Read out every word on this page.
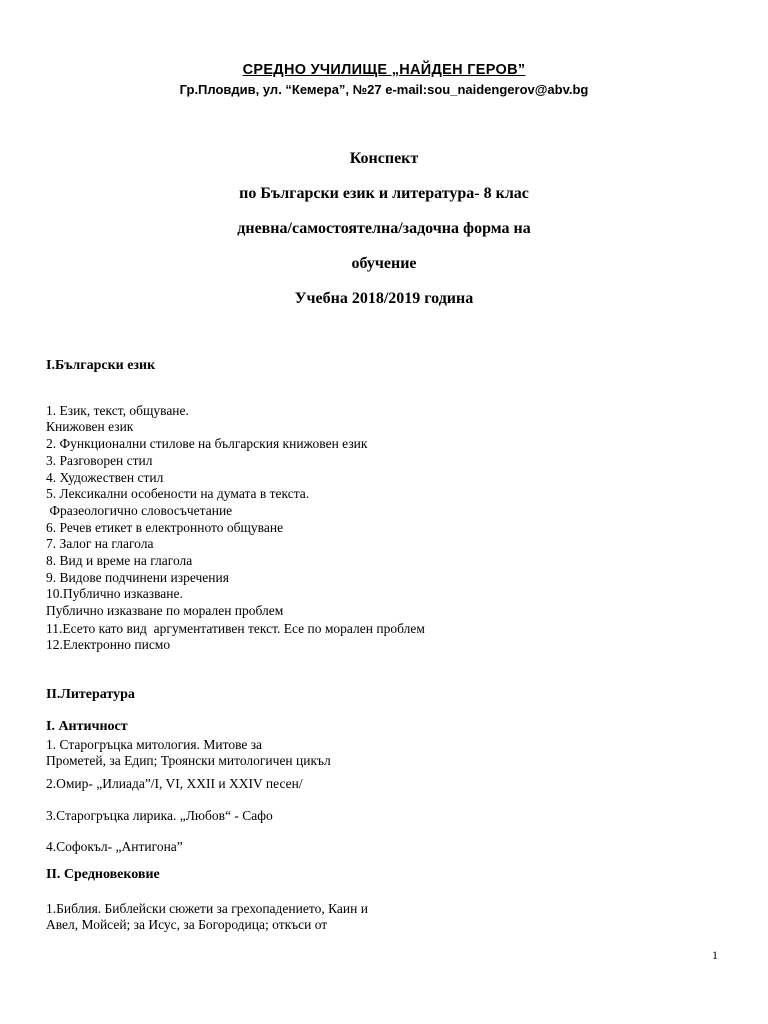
СРЕДНО УЧИЛИЩЕ „НАЙДЕН ГЕРОВ”
Гр.Пловдив, ул. “Кемера”, №27 e-mail:sou_naidengerov@abv.bg
Конспект
по Български език и литература- 8 клас
дневна/самостоятелна/задочна форма на
обучение
Учебна 2018/2019 година
I.Български език
1. Език, текст, общуване.
Книжовен език
2. Функционални стилове на българския книжовен език
3. Разговорен стил
4. Художествен стил
5. Лексикални особености на думата в текста.
Фразеологично словосъчетание
6. Речев етикет в електронното общуване
7. Залог на глагола
8. Вид и време на глагола
9. Видове подчинени изречения
10.Публично изказване.
Публично изказване по морален проблем
11.Есето като вид  аргументативен текст. Есе по морален проблем
12.Електронно писмо
II.Литература
I. Античност
1. Старогръцка митология. Митове за
Прометей, за Едип; Троянски митологичен цикъл
2.Омир- „Илиада”/I, VI, XXII и XXIV песен/
3.Старогръцка лирика. „Любов“ - Сафо
4.Софокъл- „Антигона”
II. Средновековие
1.Библия. Библейски сюжети за грехопадението, Каин и
Авел, Мойсей; за Исус, за Богородица; откъси от
1
